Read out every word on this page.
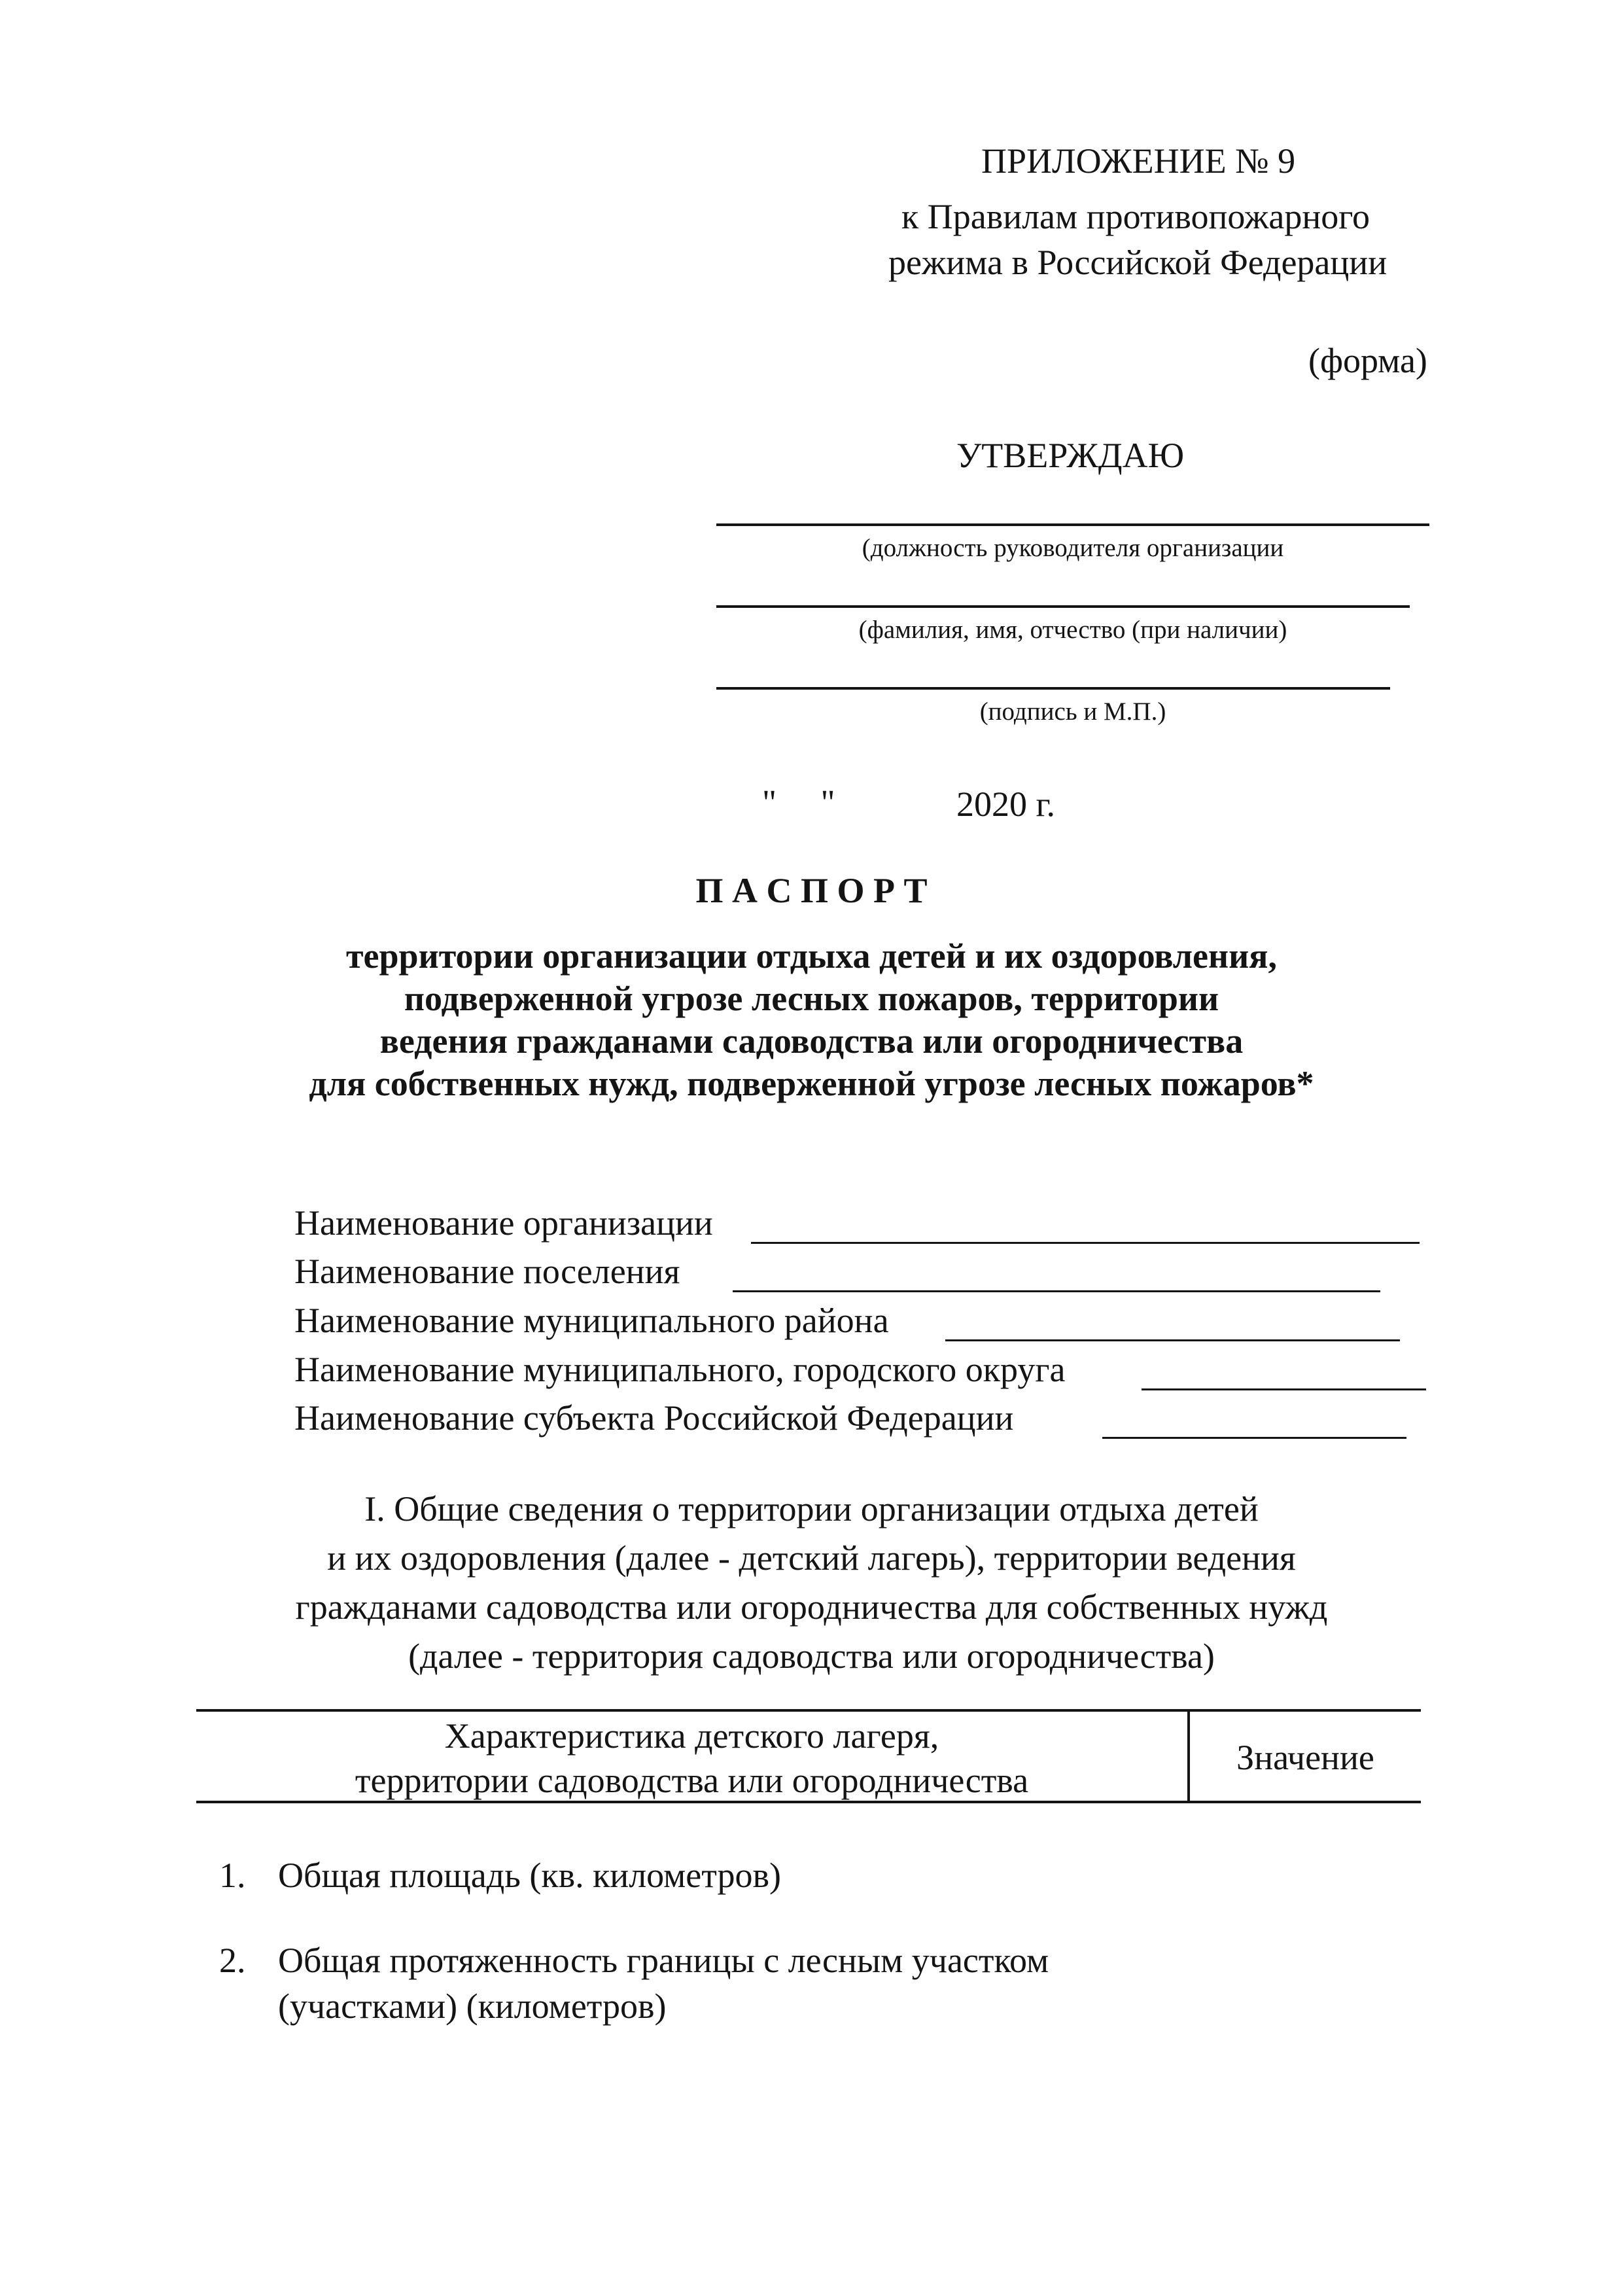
ПРИЛОЖЕНИЕ № 9
к Правилам противопожарного
режима в Российской Федерации
(форма)
УТВЕРЖДАЮ
(должность руководителя организации
(фамилия, имя, отчество (при наличии)
(подпись и М.П.)
"     "	2020 г.
П А С П О Р Т
территории организации отдыха детей и их оздоровления,
подверженной угрозе лесных пожаров, территории
ведения гражданами садоводства или огородничества
для собственных нужд, подверженной угрозе лесных пожаров*
Наименование организации
Наименование поселения
Наименование муниципального района
Наименование муниципального, городского округа
Наименование субъекта Российской Федерации
I. Общие сведения о территории организации отдыха детей
и их оздоровления (далее - детский лагерь), территории ведения
гражданами садоводства или огородничества для собственных нужд
(далее - территория садоводства или огородничества)
Характеристика детского лагеря,
территории садоводства или огородничества
Значение
1. Общая площадь (кв. километров)
2. Общая протяженность границы с лесным участком
(участками) (километров)
